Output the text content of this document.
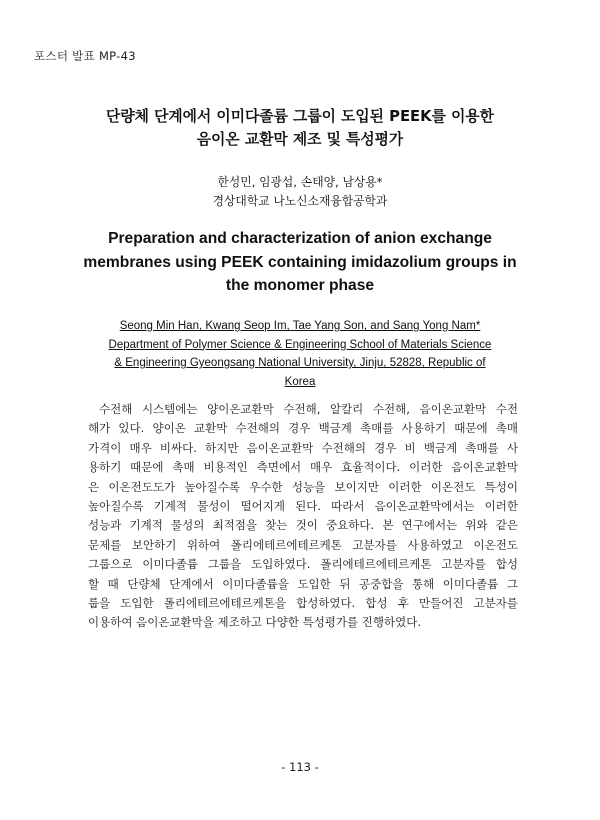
포스터 발표 MP-43
단량체 단계에서 이미다졸륨 그룹이 도입된 PEEK를 이용한
음이온 교환막 제조 및 특성평가
한성민, 임광섭, 손태양, 남상용*
경상대학교 나노신소재융합공학과
Preparation and characterization of anion exchange
membranes using PEEK containing imidazolium groups in
the monomer phase
Seong Min Han, Kwang Seop Im, Tae Yang Son, and Sang Yong Nam*
Department of Polymer Science & Engineering School of Materials Science
& Engineering Gyeongsang National University, Jinju, 52828, Republic of
Korea
수전해 시스템에는 양이온교환막 수전해, 알칼리 수전해, 음이온교환막 수전
해가 있다. 양이온 교환막 수전해의 경우 백금계 촉매를 사용하기 때문에 촉매
가격이 매우 비싸다. 하지만 음이온교환막 수전해의 경우 비 백금계 촉매를 사
용하기 때문에 촉매 비용적인 측면에서 매우 효율적이다. 이러한 음이온교환막
은 이온전도도가 높아질수록 우수한 성능을 보이지만 이러한 이온전도 특성이
높아질수록 기계적 물성이 떨어지게 된다. 따라서 음이온교환막에서는 이러한
성능과 기계적 물성의 최적점을 찾는 것이 중요하다. 본 연구에서는 위와 같은
문제를 보안하기 위하여 폴리에테르에테르케톤 고분자를 사용하였고 이온전도
그룹으로 이미다졸륨 그룹을 도입하였다. 폴리에테르에테르케톤 고분자를 합성
할 때 단량체 단계에서 이미다졸륨을 도입한 뒤 공중합을 통해 이미다졸륨 그
룹을 도입한 폴리에테르에테르케톤을 합성하였다. 합성 후 만들어진 고분자를
이용하여 음이온교환막을 제조하고 다양한 특성평가를 진행하였다.
- 113 -
